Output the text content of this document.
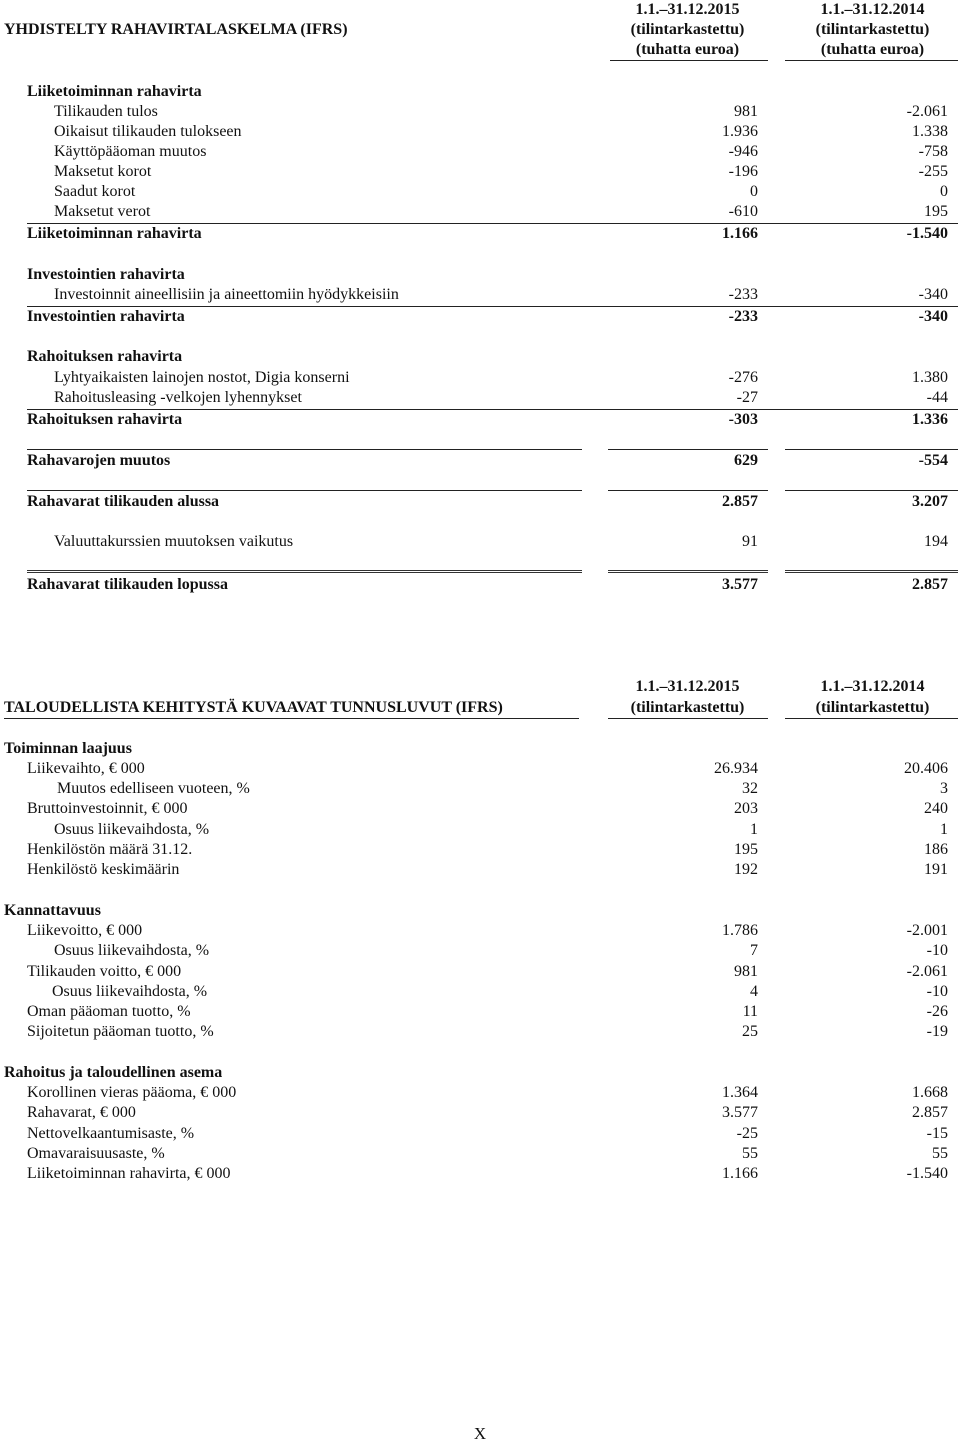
YHDISTELTY RAHAVIRTALASKELMA (IFRS)
1.1.–31.12.2015
(tilintarkastettu)
(tuhatta euroa)
1.1.–31.12.2014
(tilintarkastettu)
(tuhatta euroa)
Liiketoiminnan rahavirta
Tilikauden tulos	981	-2.061
Oikaisut tilikauden tulokseen	1.936	1.338
Käyttöpääoman muutos	-946	-758
Maksetut korot	-196	-255
Saadut korot	0	0
Maksetut verot	-610	195
Liiketoiminnan rahavirta	1.166	-1.540
Investointien rahavirta
Investoinnit aineellisiin ja aineettomiin hyödykkeisiin	-233	-340
Investointien rahavirta	-233	-340
Rahoituksen rahavirta
Lyhtyaikaisten lainojen nostot, Digia konserni	-276	1.380
Rahoitusleasing -velkojen lyhennykset	-27	-44
Rahoituksen rahavirta	-303	1.336
Rahavarojen muutos	629	-554
Rahavarat tilikauden alussa	2.857	3.207
Valuuttakurssien muutoksen vaikutus	91	194
Rahavarat tilikauden lopussa	3.577	2.857
1.1.–31.12.2015
(tilintarkastettu)
1.1.–31.12.2014
(tilintarkastettu)
TALOUDELLISTA KEHITYSTÄ KUVAAVAT TUNNUSLUVUT (IFRS)
Toiminnan laajuus
Liikevaihto, € 000	26.934	20.406
Muutos edelliseen vuoteen, %	32	3
Bruttoinvestoinnit, € 000	203	240
Osuus liikevaihdosta, %	1	1
Henkilöstön määrä 31.12.	195	186
Henkilöstö keskimäärin	192	191
Kannattavuus
Liikevoitto, € 000	1.786	-2.001
Osuus liikevaihdosta, %	7	-10
Tilikauden voitto, € 000	981	-2.061
Osuus liikevaihdosta, %	4	-10
Oman pääoman tuotto, %	11	-26
Sijoitetun pääoman tuotto, %	25	-19
Rahoitus ja taloudellinen asema
Korollinen vieras pääoma, € 000	1.364	1.668
Rahavarat, € 000	3.577	2.857
Nettovelkaantumisaste, %	-25	-15
Omavaraisuusaste, %	55	55
Liiketoiminnan rahavirta, € 000	1.166	-1.540
X
